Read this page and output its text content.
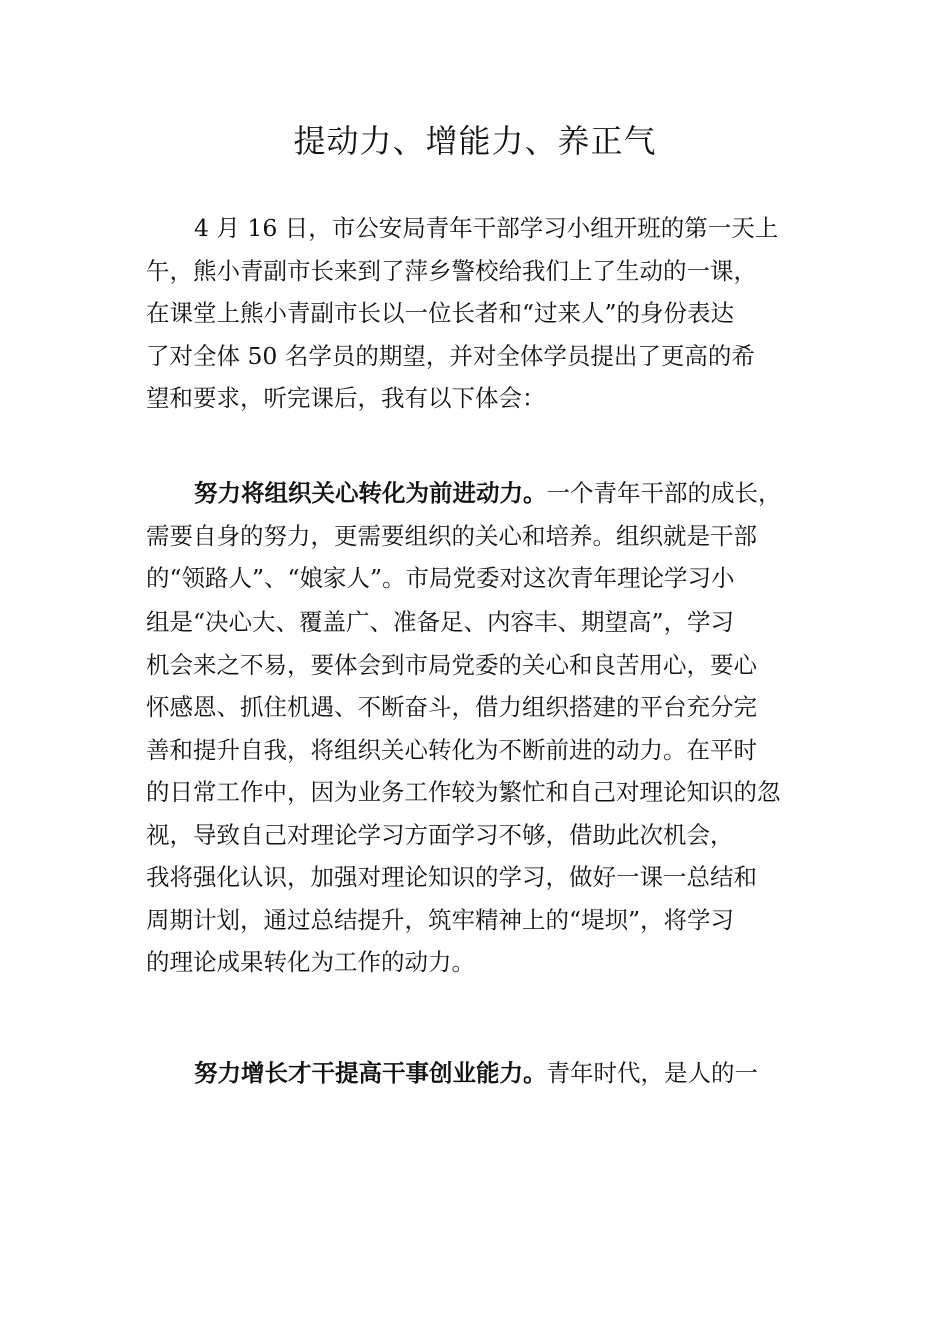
提动力、增能力、养正气

4 月 16 日，市公安局青年干部学习小组开班的第一天上
午，熊小青副市长来到了萍乡警校给我们上了生动的一课，
在课堂上熊小青副市长以一位长者和“过来人”的身份表达
了对全体 50 名学员的期望，并对全体学员提出了更高的希
望和要求，听完课后，我有以下体会：

努力将组织关心转化为前进动力。一个青年干部的成长，
需要自身的努力，更需要组织的关心和培养。组织就是干部
的“领路人”、“娘家人”。市局党委对这次青年理论学习小
组是“决心大、覆盖广、准备足、内容丰、期望高”，学习
机会来之不易，要体会到市局党委的关心和良苦用心，要心
怀感恩、抓住机遇、不断奋斗，借力组织搭建的平台充分完
善和提升自我，将组织关心转化为不断前进的动力。在平时
的日常工作中，因为业务工作较为繁忙和自己对理论知识的忽
视，导致自己对理论学习方面学习不够，借助此次机会，
我将强化认识，加强对理论知识的学习，做好一课一总结和
周期计划，通过总结提升，筑牢精神上的“堤坝”，将学习
的理论成果转化为工作的动力。

努力增长才干提高干事创业能力。青年时代，是人的一
